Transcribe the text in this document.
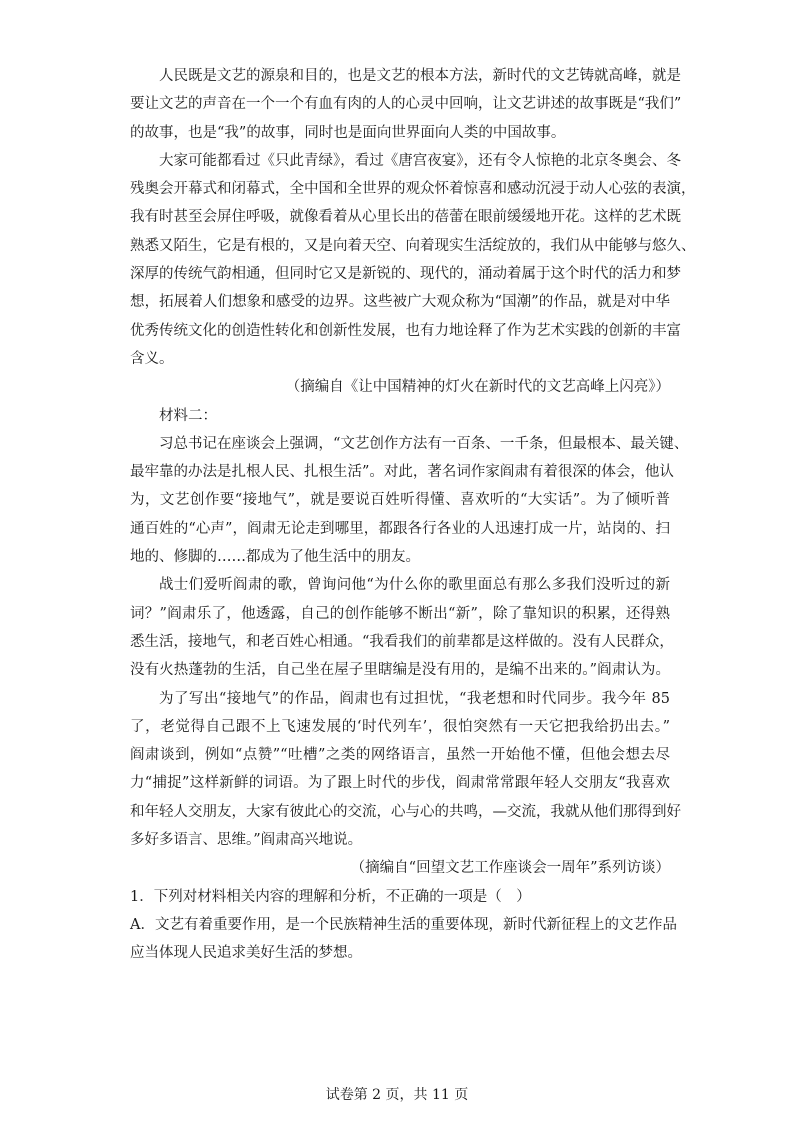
人民既是文艺的源泉和目的，也是文艺的根本方法，新时代的文艺铸就高峰，就是
要让文艺的声音在一个一个有血有肉的人的心灵中回响，让文艺讲述的故事既是“我们”
的故事，也是“我”的故事，同时也是面向世界面向人类的中国故事。
大家可能都看过《只此青绿》，看过《唐宫夜宴》，还有令人惊艳的北京冬奥会、冬
残奥会开幕式和闭幕式，全中国和全世界的观众怀着惊喜和感动沉浸于动人心弦的表演，
我有时甚至会屏住呼吸，就像看着从心里长出的蓓蕾在眼前缓缓地开花。这样的艺术既
熟悉又陌生，它是有根的，又是向着天空、向着现实生活绽放的，我们从中能够与悠久、
深厚的传统气韵相通，但同时它又是新锐的、现代的，涌动着属于这个时代的活力和梦
想，拓展着人们想象和感受的边界。这些被广大观众称为“国潮”的作品，就是对中华
优秀传统文化的创造性转化和创新性发展，也有力地诠释了作为艺术实践的创新的丰富
含义。
（摘编自《让中国精神的灯火在新时代的文艺高峰上闪亮》）
材料二：
习总书记在座谈会上强调，“文艺创作方法有一百条、一千条，但最根本、最关键、
最牢靠的办法是扎根人民、扎根生活”。对此，著名词作家阎肃有着很深的体会，他认
为，文艺创作要“接地气”，就是要说百姓听得懂、喜欢听的“大实话”。为了倾听普
通百姓的“心声”，阎肃无论走到哪里，都跟各行各业的人迅速打成一片，站岗的、扫
地的、修脚的……都成为了他生活中的朋友。
战士们爱听阎肃的歌，曾询问他“为什么你的歌里面总有那么多我们没听过的新
词？”阎肃乐了，他透露，自己的创作能够不断出“新”，除了靠知识的积累，还得熟
悉生活，接地气，和老百姓心相通。“我看我们的前辈都是这样做的。没有人民群众，
没有火热蓬勃的生活，自己坐在屋子里瞎编是没有用的，是编不出来的。”阎肃认为。
为了写出“接地气”的作品，阎肃也有过担忧，“我老想和时代同步。我今年 85
了，老觉得自己跟不上飞速发展的‘时代列车’，很怕突然有一天它把我给扔出去。”
阎肃谈到，例如“点赞”“吐槽”之类的网络语言，虽然一开始他不懂，但他会想去尽
力“捕捉”这样新鲜的词语。为了跟上时代的步伐，阎肃常常跟年轻人交朋友“我喜欢
和年轻人交朋友，大家有彼此心的交流，心与心的共鸣，—交流，我就从他们那得到好
多好多语言、思维。”阎肃高兴地说。
（摘编自“回望文艺工作座谈会一周年”系列访谈）
1．下列对材料相关内容的理解和分析，不正确的一项是（　）
A．文艺有着重要作用，是一个民族精神生活的重要体现，新时代新征程上的文艺作品
应当体现人民追求美好生活的梦想。
试卷第 2 页，共 11 页
